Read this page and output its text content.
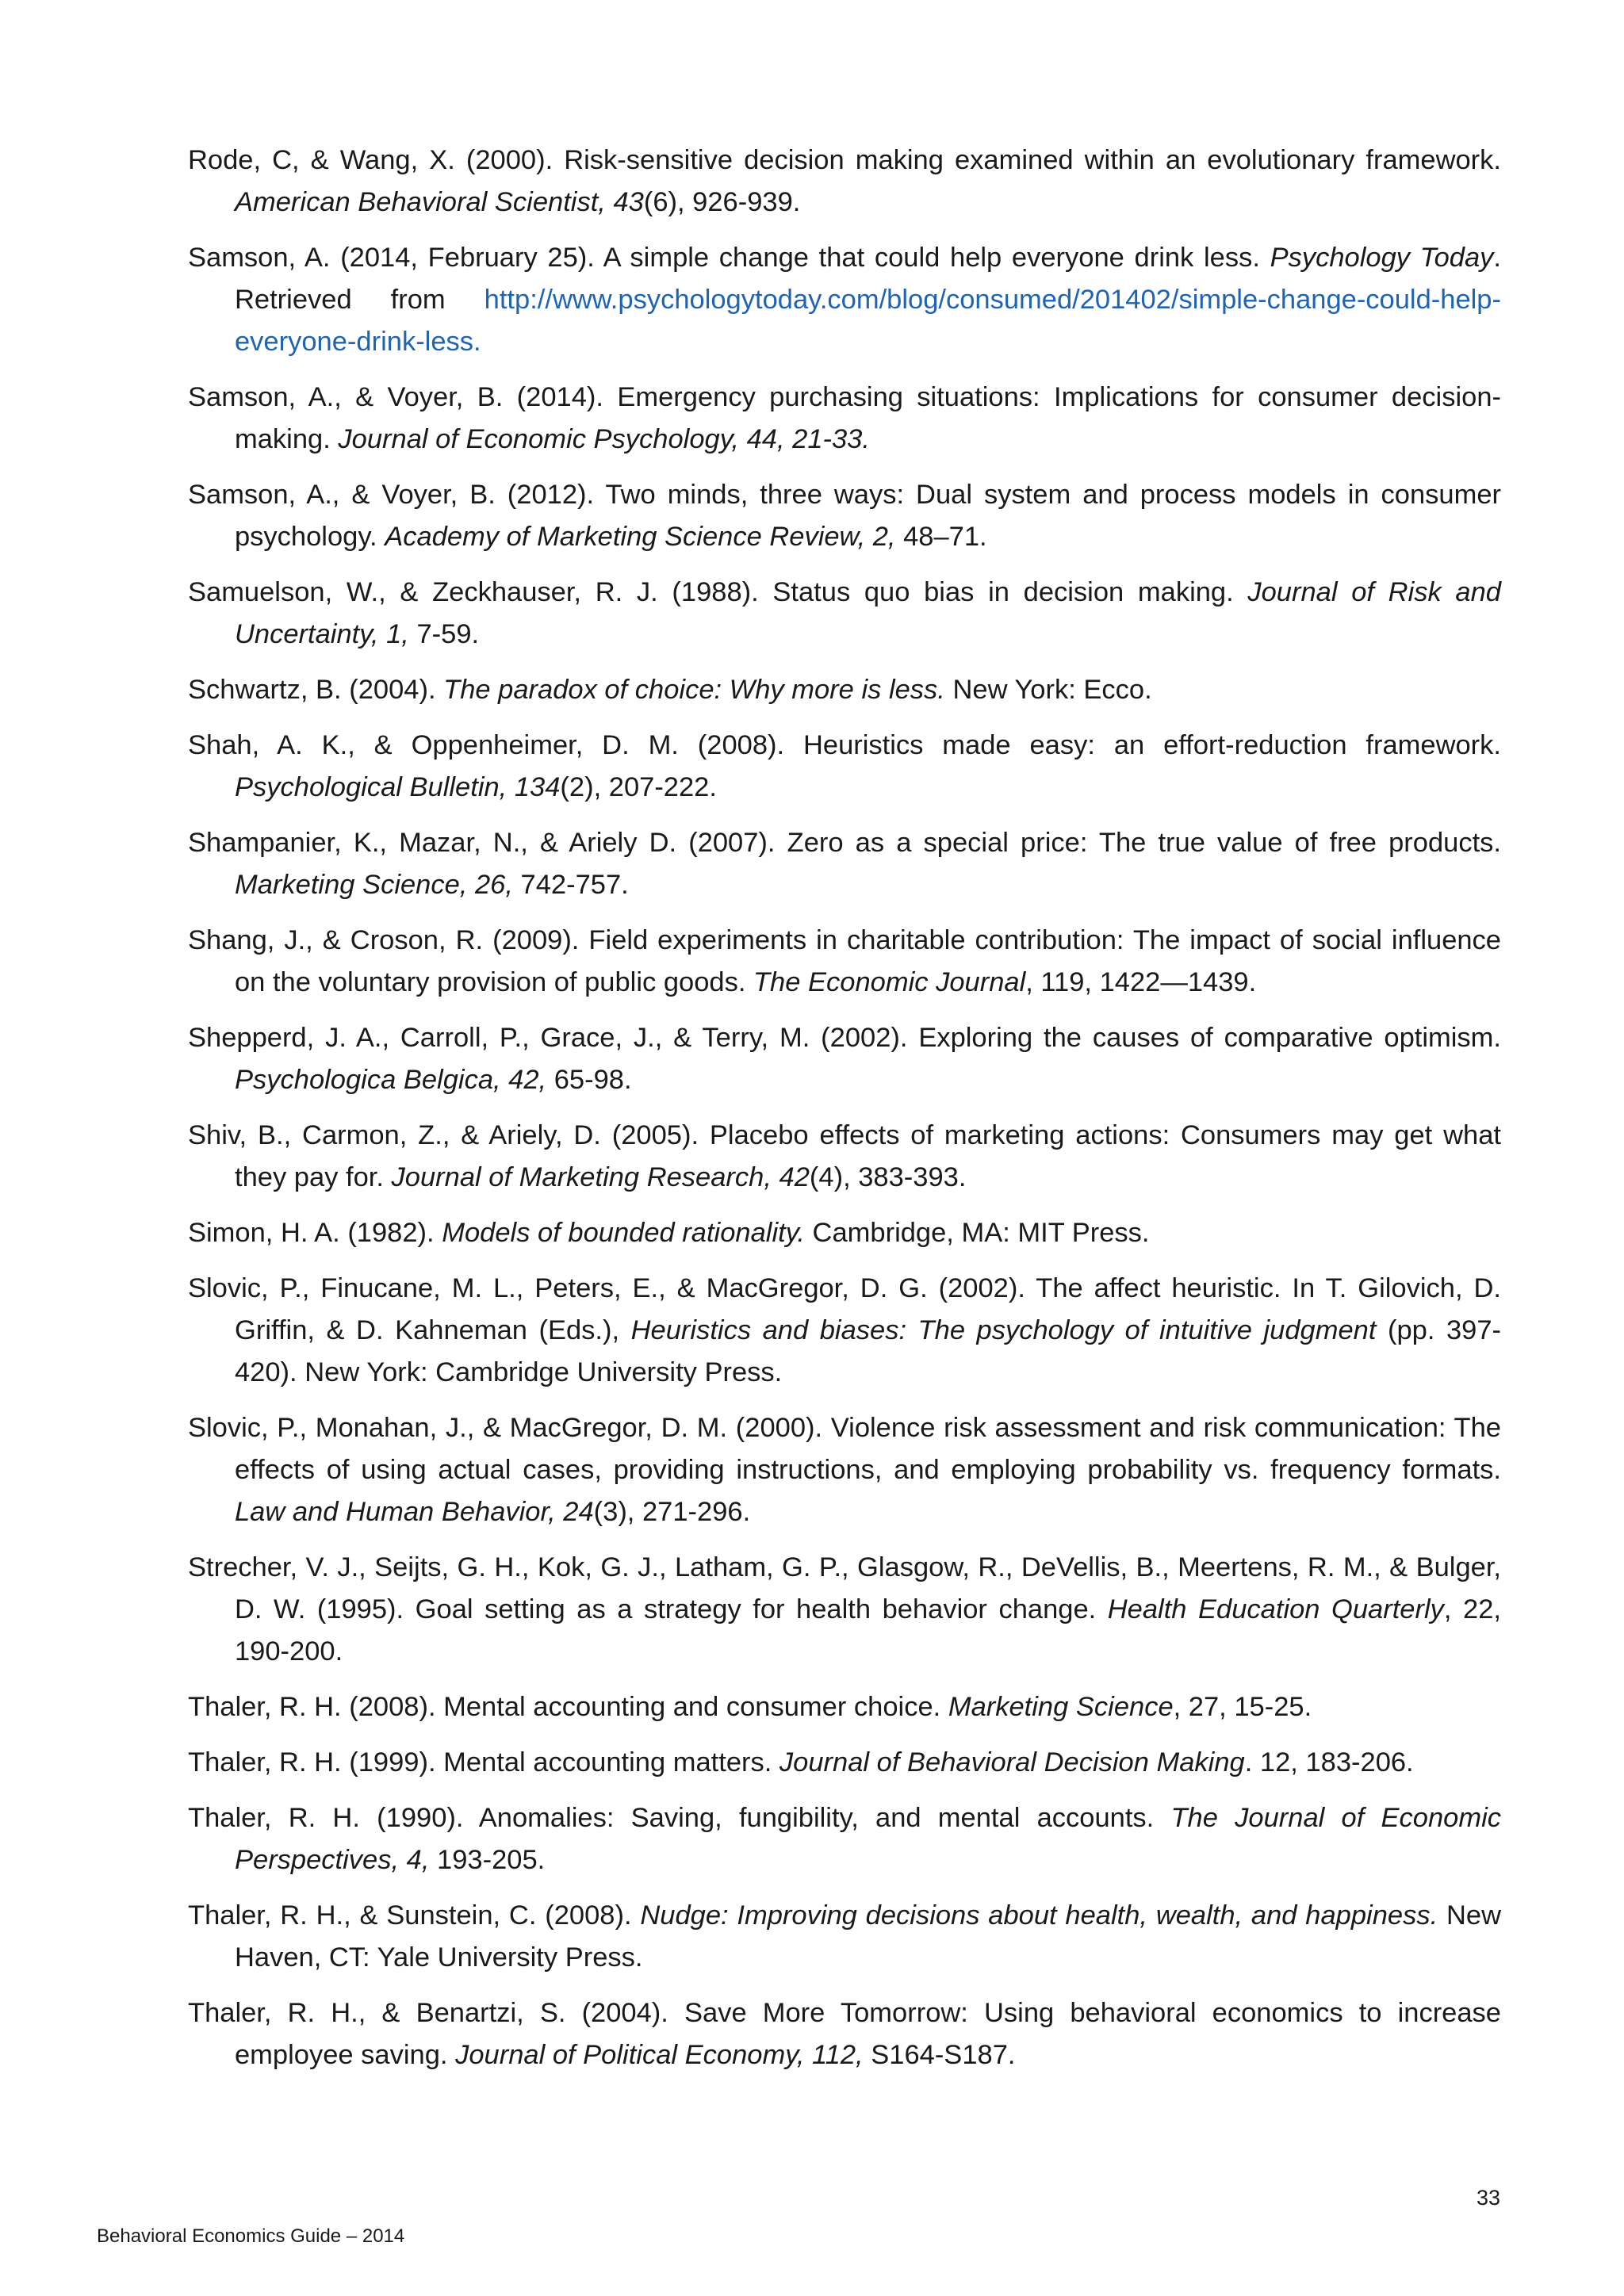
Rode, C, & Wang, X. (2000). Risk-sensitive decision making examined within an evolutionary framework. American Behavioral Scientist, 43(6), 926-939.

Samson, A. (2014, February 25). A simple change that could help everyone drink less. Psychology Today. Retrieved from http://www.psychologytoday.com/blog/consumed/201402/simple-change-could-help-everyone-drink-less.

Samson, A., & Voyer, B. (2014). Emergency purchasing situations: Implications for consumer decision-making. Journal of Economic Psychology, 44, 21-33.

Samson, A., & Voyer, B. (2012). Two minds, three ways: Dual system and process models in consumer psychology. Academy of Marketing Science Review, 2, 48–71.

Samuelson, W., & Zeckhauser, R. J. (1988). Status quo bias in decision making. Journal of Risk and Uncertainty, 1, 7-59.

Schwartz, B. (2004). The paradox of choice: Why more is less. New York: Ecco.

Shah, A. K., & Oppenheimer, D. M. (2008). Heuristics made easy: an effort-reduction framework. Psychological Bulletin, 134(2), 207-222.

Shampanier, K., Mazar, N., & Ariely D. (2007). Zero as a special price: The true value of free products. Marketing Science, 26, 742-757.

Shang, J., & Croson, R. (2009). Field experiments in charitable contribution: The impact of social influence on the voluntary provision of public goods. The Economic Journal, 119, 1422—1439.

Shepperd, J. A., Carroll, P., Grace, J., & Terry, M. (2002). Exploring the causes of comparative optimism. Psychologica Belgica, 42, 65-98.

Shiv, B., Carmon, Z., & Ariely, D. (2005). Placebo effects of marketing actions: Consumers may get what they pay for. Journal of Marketing Research, 42(4), 383-393.

Simon, H. A. (1982). Models of bounded rationality. Cambridge, MA: MIT Press.

Slovic, P., Finucane, M. L., Peters, E., & MacGregor, D. G. (2002). The affect heuristic. In T. Gilovich, D. Griffin, & D. Kahneman (Eds.), Heuristics and biases: The psychology of intuitive judgment (pp. 397-420). New York: Cambridge University Press.

Slovic, P., Monahan, J., & MacGregor, D. M. (2000). Violence risk assessment and risk communication: The effects of using actual cases, providing instructions, and employing probability vs. frequency formats. Law and Human Behavior, 24(3), 271-296.

Strecher, V. J., Seijts, G. H., Kok, G. J., Latham, G. P., Glasgow, R., DeVellis, B., Meertens, R. M., & Bulger, D. W. (1995). Goal setting as a strategy for health behavior change. Health Education Quarterly, 22, 190-200.

Thaler, R. H. (2008). Mental accounting and consumer choice. Marketing Science, 27, 15-25.

Thaler, R. H. (1999). Mental accounting matters. Journal of Behavioral Decision Making. 12, 183-206.

Thaler, R. H. (1990). Anomalies: Saving, fungibility, and mental accounts. The Journal of Economic Perspectives, 4, 193-205.

Thaler, R. H., & Sunstein, C. (2008). Nudge: Improving decisions about health, wealth, and happiness. New Haven, CT: Yale University Press.

Thaler, R. H., & Benartzi, S. (2004). Save More Tomorrow: Using behavioral economics to increase employee saving. Journal of Political Economy, 112, S164-S187.

33
Behavioral Economics Guide – 2014
